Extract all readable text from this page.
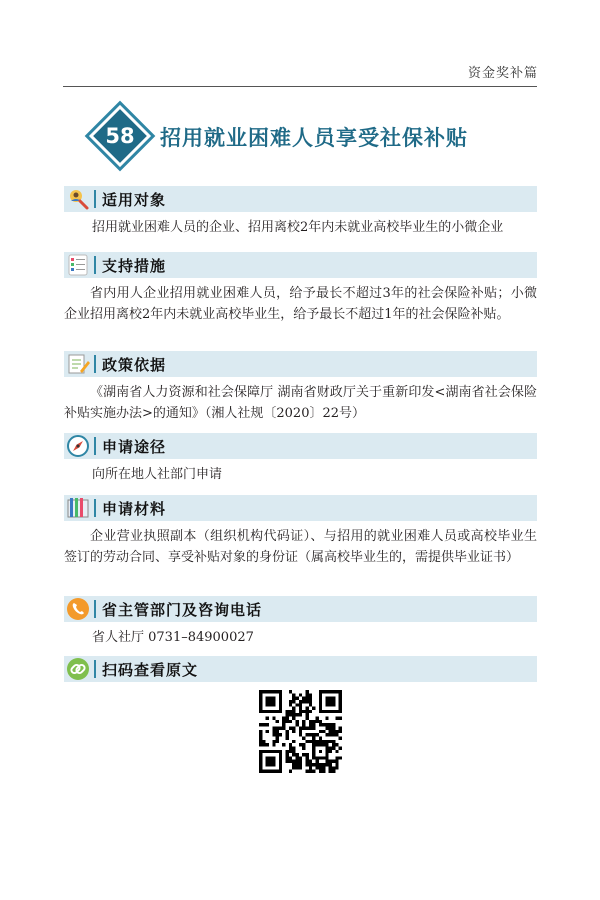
资金奖补篇
58	招用就业困难人员享受社保补贴
适用对象
招用就业困难人员的企业、招用离校2年内未就业高校毕业生的小微企业
支持措施
省内用人企业招用就业困难人员，给予最长不超过3年的社会保险补贴；小微企业招用离校2年内未就业高校毕业生，给予最长不超过1年的社会保险补贴。
政策依据
《湖南省人力资源和社会保障厅 湖南省财政厅关于重新印发<湖南省社会保险补贴实施办法>的通知》（湘人社规〔2020〕22号）
申请途径
向所在地人社部门申请
申请材料
企业营业执照副本（组织机构代码证）、与招用的就业困难人员或高校毕业生签订的劳动合同、享受补贴对象的身份证（属高校毕业生的，需提供毕业证书）
省主管部门及咨询电话
省人社厅 0731–84900027
扫码查看原文
